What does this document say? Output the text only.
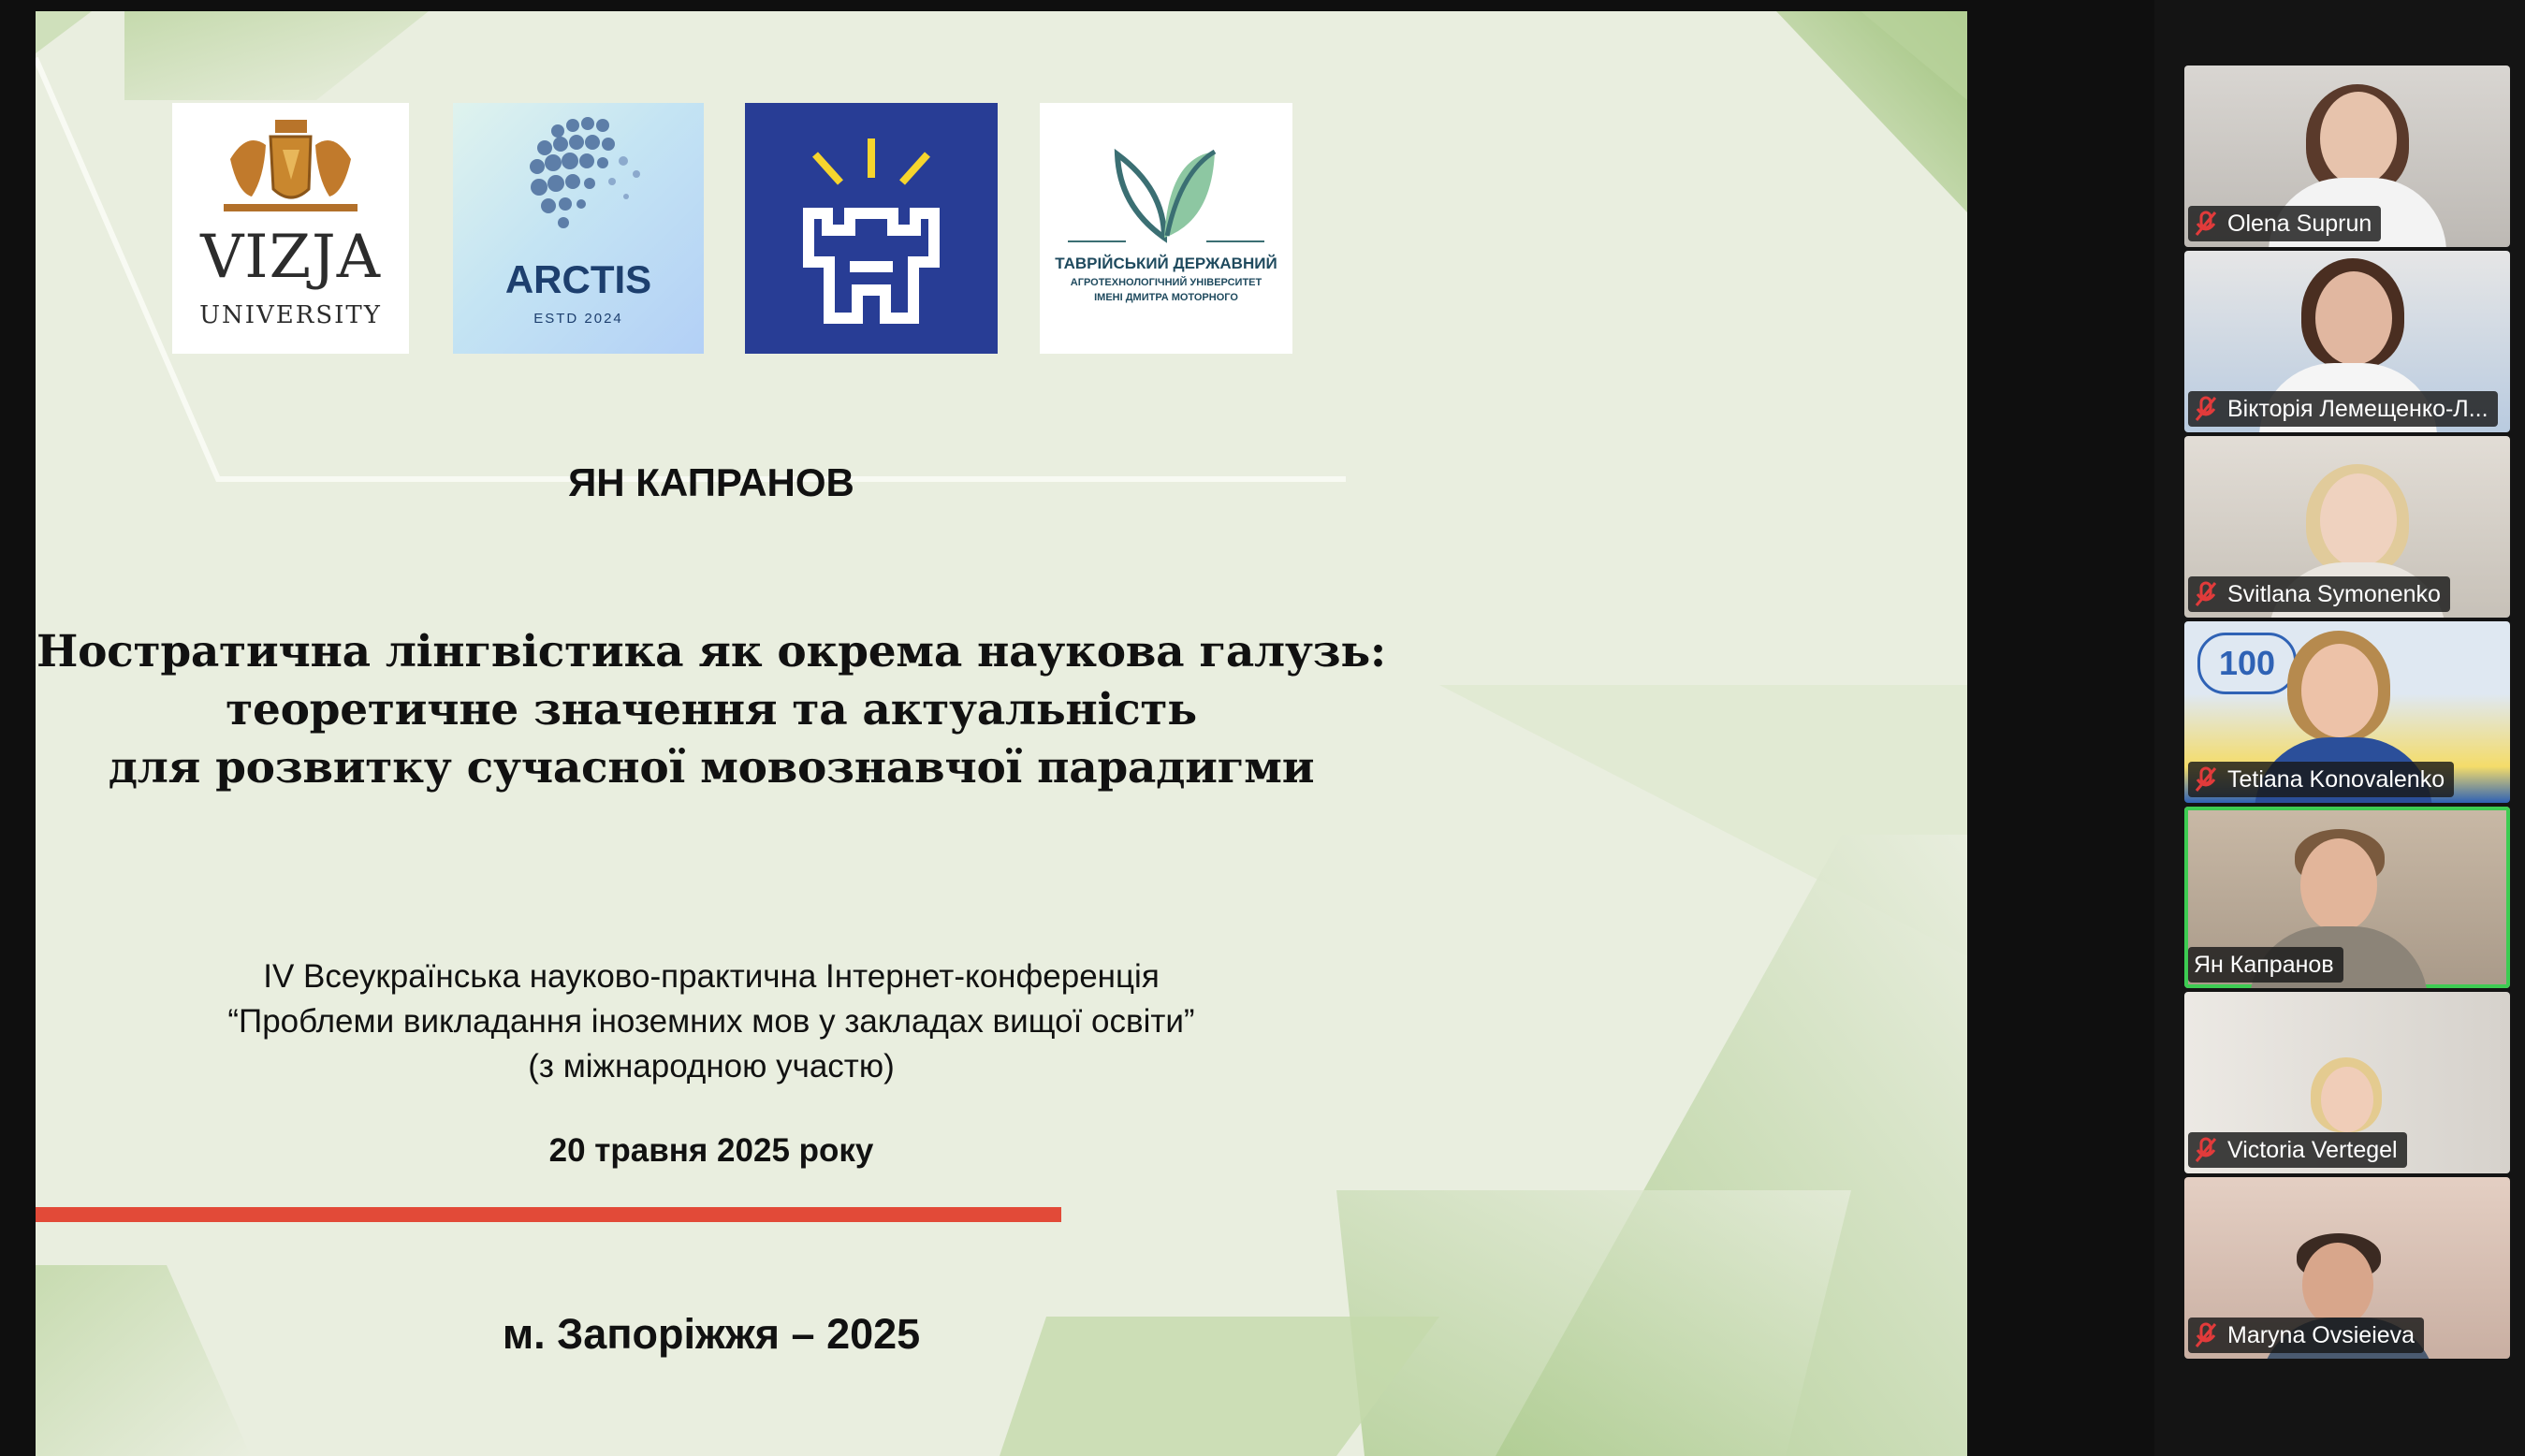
VIZJA
UNIVERSITY
ARCTIS
ESTD 2024
ТАВРІЙСЬКИЙ ДЕРЖАВНИЙ
АГРОТЕХНОЛОГІЧНИЙ УНІВЕРСИТЕТ
ІМЕНІ ДМИТРА МОТОРНОГО
ЯН КАПРАНОВ
Ностратична лінгвістика як окрема наукова галузь:
теоретичне значення та актуальність
для розвитку сучасної мовознавчої парадигми
IV Всеукраїнська науково-практична Інтернет-конференція
“Проблеми викладання іноземних мов у закладах вищої освіти”
(з міжнародною участю)
20 травня 2025 року
м. Запоріжжя – 2025
Olena Suprun
Вікторія Лемещенко-Л...
Svitlana Symonenko
100
Tetiana Konovalenko
Ян Капранов
Victoria Vertegel
Maryna Ovsieieva
